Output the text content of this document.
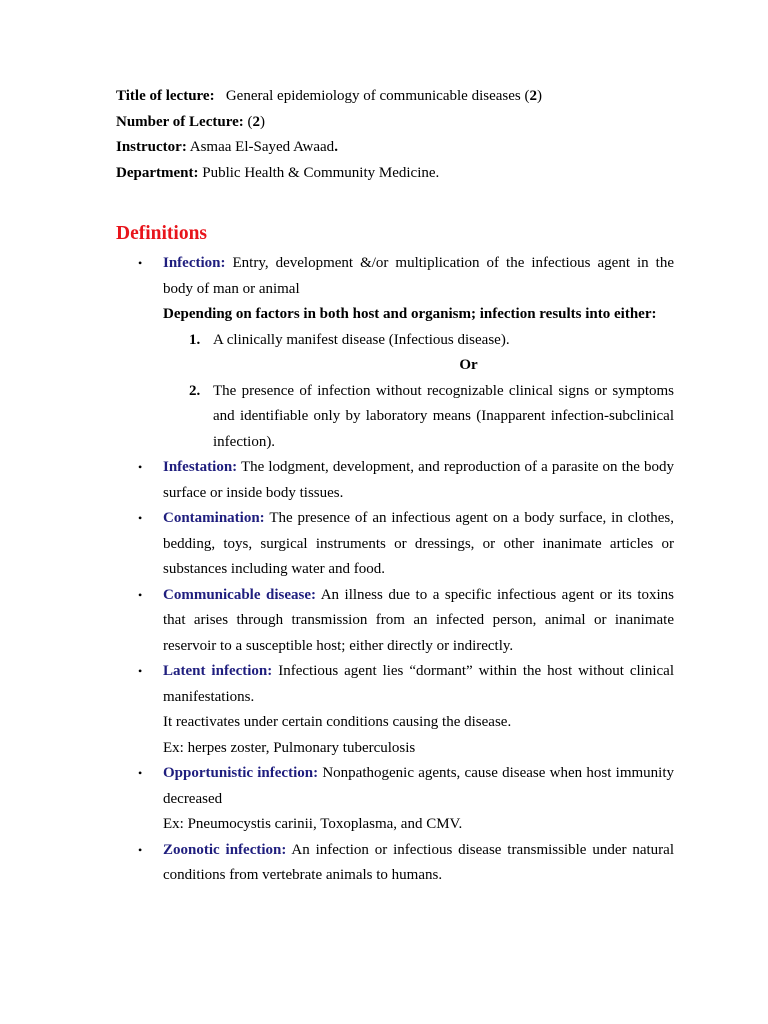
Title of lecture: General epidemiology of communicable diseases (2)
Number of Lecture: (2)
Instructor: Asmaa El-Sayed Awaad.
Department: Public Health & Community Medicine.
Definitions
•	Infection: Entry, development &/or multiplication of the infectious agent in the body of man or animal
Depending on factors in both host and organism; infection results into either:
1. A clinically manifest disease (Infectious disease).
Or
2. The presence of infection without recognizable clinical signs or symptoms and identifiable only by laboratory means (Inapparent infection-subclinical infection).
•	Infestation: The lodgment, development, and reproduction of a parasite on the body surface or inside body tissues.
•	Contamination: The presence of an infectious agent on a body surface, in clothes, bedding, toys, surgical instruments or dressings, or other inanimate articles or substances including water and food.
•	Communicable disease: An illness due to a specific infectious agent or its toxins that arises through transmission from an infected person, animal or inanimate reservoir to a susceptible host; either directly or indirectly.
•	Latent infection: Infectious agent lies “dormant” within the host without clinical manifestations.
It reactivates under certain conditions causing the disease.
Ex: herpes zoster, Pulmonary tuberculosis
•	Opportunistic infection: Nonpathogenic agents, cause disease when host immunity decreased
Ex: Pneumocystis carinii, Toxoplasma, and CMV.
•	Zoonotic infection: An infection or infectious disease transmissible under natural conditions from vertebrate animals to humans.
